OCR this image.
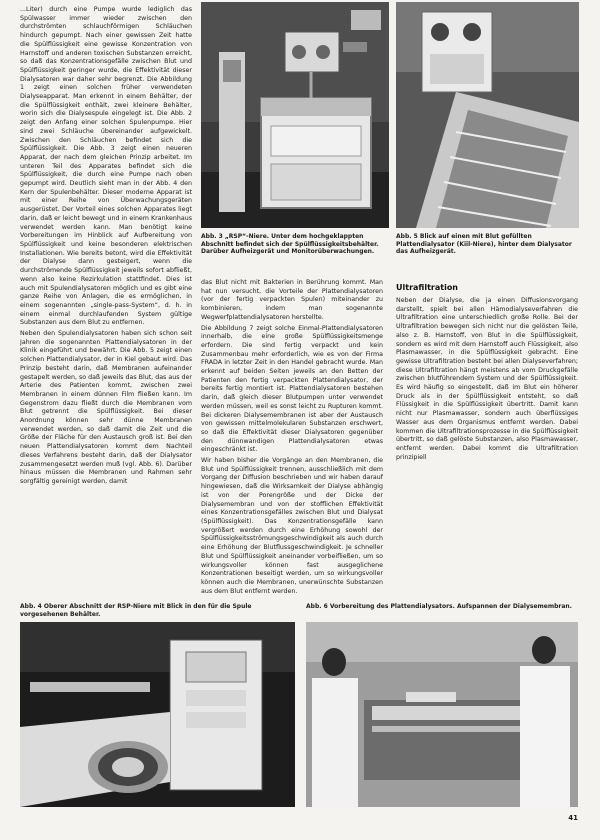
...Liter) durch eine Pumpe wurde lediglich das Spülwasser immer wieder zwischen den durchströmten schlauchförmigen Schläuchen hindurch gepumpt. Nach einer gewissen Zeit hatte die Spülflüssigkeit eine gewisse Konzentration von Harnstoff und anderen toxischen Substanzen erreicht, so daß das Konzentrationsgefälle zwischen Blut und Spülflüssigkeit geringer wurde, die Effektivität dieser Dialysatoren war daher sehr begrenzt. Die Abbildung 1 zeigt einen solchen früher verwendeten Dialyseapparat. Man erkennt in einem Behälter, der die Spülflüssigkeit enthält, zwei kleinere Behälter, worin sich die Dialysespule eingelegt ist. Die Abb. 2 zeigt den Anfang einer solchen Spulenpumpe. Hier sind zwei Schläuche übereinander aufgewickelt. Zwischen den Schläuchen befindet sich die Spülflüssigkeit. Die Abb. 3 zeigt einen neueren Apparat, der nach dem gleichen Prinzip arbeitet. Im unteren Teil des Apparates befindet sich die Spülflüssigkeit, die durch eine Pumpe nach oben gepumpt wird. Deutlich sieht man in der Abb. 4 den Kern der Spulenbehälter. Dieser moderne Apparat ist mit einer Reihe von Überwachungsgeräten ausgerüstet. Der Vorteil eines solchen Apparates liegt darin, daß er leicht bewegt und in einem Krankenhaus verwendet werden kann. Man benötigt keine Vorbereitungen im Hinblick auf Aufbereitung von Spülflüssigkeit und keine besonderen elektrischen Installationen. Wie bereits betont, wird die Effektivität der Dialyse dann gesteigert, wenn die durchströmende Spülflüssigkeit jeweils sofort abfließt, wenn also keine Rezirkulation stattfindet. Dies ist auch mit Spulendialysatoren möglich und es gibt eine ganze Reihe von Anlagen, die es ermöglichen, in einem sogenannten „single-pass-System“, d. h. in einem einmal durchlaufenden System gültige Substanzen aus dem Blut zu entfernen.

Neben den Spulendialysatoren haben sich schon seit Jahren die sogenannten Plattendialysatoren in der Klinik eingeführt und bewährt. Die Abb. 5 zeigt einen solchen Plattendialysator, der in Kiel gebaut wird. Das Prinzip besteht darin, daß Membranen aufeinander gestapelt werden, so daß jeweils das Blut, das aus der Arterie des Patienten kommt, zwischen zwei Membranen in einem dünnen Film fließen kann. Im Gegenstrom dazu fließt durch die Membranen vom Blut getrennt die Spülflüssigkeit. Bei dieser Anordnung können sehr dünne Membranen verwendet werden, so daß damit die Zeit und die Größe der Fläche für den Austausch groß ist. Bei den neuen Plattendialysatoren kommt dem Nachteil dieses Verfahrens besteht darin, daß der Dialysator zusammengesetzt werden muß (vgl. Abb. 6). Darüber hinaus müssen die Membranen und Rahmen sehr sorgfältig gereinigt werden, damit

Abb. 3 „RSP“-Niere. Unter dem hochgeklappten Abschnitt befindet sich der Spülflüssigkeitsbehälter. Darüber Aufheizgerät und Monitorüberwachungen.
Abb. 5 Blick auf einen mit Blut gefüllten Plattendialysator (Kiil-Niere), hinter dem Dialysator das Aufheizgerät.

das Blut nicht mit Bakterien in Berührung kommt. Man hat nun versucht, die Vorteile der Plattendialysatoren (vor der fertig verpackten Spulen) miteinander zu kombinieren, indem man sogenannte Wegwerfplattendialysatoren herstellte.

Die Abbildung 7 zeigt solche Einmal-Plattendialysatoren innerhalb, die eine große Spülflüssigkeitsmenge erfordern. Die sind fertig verpackt und kein Zusammenbau mehr erforderlich, wie es von der Firma FRADA in letzter Zeit in den Handel gebracht wurde. Man erkennt auf beiden Seiten jeweils an den Betten der Patienten den fertig verpackten Plattendialysator, der bereits fertig montiert ist. Plattendialysatoren bestehen darin, daß gleich dieser Blutpumpen unter verwendet werden müssen, weil es sonst leicht zu Rupturen kommt. Bei dickeren Dialysemembranen ist aber der Austausch von gewissen mittelmolekularen Substanzen erschwert, so daß die Effektivität dieser Dialysatoren gegenüber den dünnwandigen Plattendialysatoren etwas eingeschränkt ist.

Wir haben bisher die Vorgänge an den Membranen, die Blut und Spülflüssigkeit trennen, ausschließlich mit dem Vorgang der Diffusion beschrieben und wir haben darauf hingewiesen, daß die Wirksamkeit der Dialyse abhängig ist von der Porengröße und der Dicke der Dialysemembran und von der stofflichen Effektivität eines Konzentrationsgefälles zwischen Blut und Dialysat (Spülflüssigkeit). Das Konzentrationsgefälle kann vergrößert werden durch eine Erhöhung sowohl der Spülflüssigkeitsströmungsgeschwindigkeit als auch durch eine Erhöhung der Blutflussgeschwindigkeit. Je schneller Blut und Spülflüssigkeit aneinander vorbeifließen, um so wirkungsvoller können fast ausgeglichene Konzentrationen beseitigt werden, um so wirkungsvoller können auch die Membranen, unerwünschte Substanzen aus dem Blut entfernt werden.

Ultrafiltration

Neben der Dialyse, die ja einen Diffusionsvorgang darstellt, spielt bei allen Hämodialyseverfahren die Ultrafiltration eine unterschiedlich große Rolle. Bei der Ultrafiltration bewegen sich nicht nur die gelösten Teile, also z. B. Harnstoff, von Blut in die Spülflüssigkeit, sondern es wird mit dem Harnstoff auch Flüssigkeit, also Plasmawasser, in die Spülflüssigkeit gebracht. Eine gewisse Ultrafiltration besteht bei allen Dialyseverfahren; diese Ultrafiltration hängt meistens ab vom Druckgefälle zwischen blutführendem System und der Spülflüssigkeit. Es wird häufig so eingestellt, daß im Blut ein höherer Druck als in der Spülflüssigkeit entsteht, so daß Flüssigkeit in die Spülflüssigkeit übertritt. Damit kann nicht nur Plasmawasser, sondern auch überflüssiges Wasser aus dem Organismus entfernt werden. Dabei kommen die Ultrafiltrationsprozesse in die Spülflüssigkeit übertritt, so daß gelöste Substanzen, also Plasmawasser, entfernt werden. Dabei kommt die Ultrafiltration prinzipiell

Abb. 4 Oberer Abschnitt der RSP-Niere mit Blick in den für die Spule vorgesehenen Behälter.
Abb. 6 Vorbereitung des Plattendialysators. Aufspannen der Dialysemembran.
41
